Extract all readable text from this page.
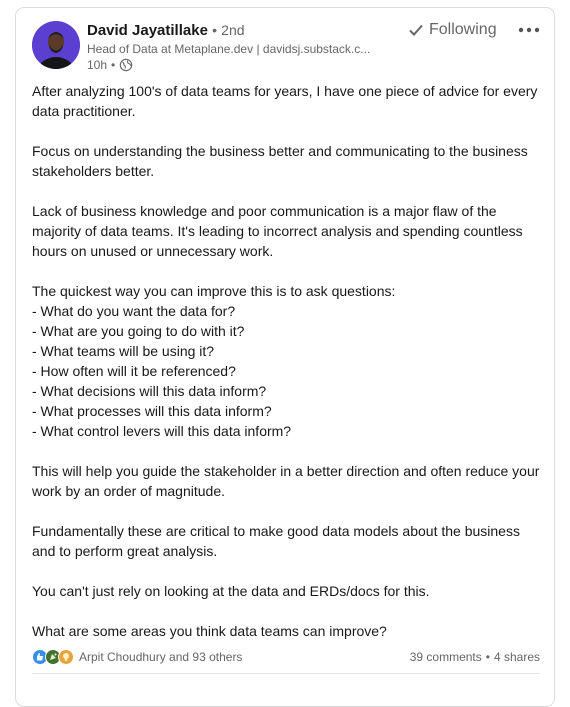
David Jayatillake • 2nd
Head of Data at Metaplane.dev | davidsj.substack.c...
10h •
Following

After analyzing 100's of data teams for years, I have one piece of advice for every data practitioner.

Focus on understanding the business better and communicating to the business stakeholders better.

Lack of business knowledge and poor communication is a major flaw of the majority of data teams. It's leading to incorrect analysis and spending countless hours on unused or unnecessary work.

The quickest way you can improve this is to ask questions:
- What do you want the data for?
- What are you going to do with it?
- What teams will be using it?
- How often will it be referenced?
- What decisions will this data inform?
- What processes will this data inform?
- What control levers will this data inform?

This will help you guide the stakeholder in a better direction and often reduce your work by an order of magnitude.

Fundamentally these are critical to make good data models about the business and to perform great analysis.

You can't just rely on looking at the data and ERDs/docs for this.

What are some areas you think data teams can improve?

Arpit Choudhury and 93 others	39 comments • 4 shares
